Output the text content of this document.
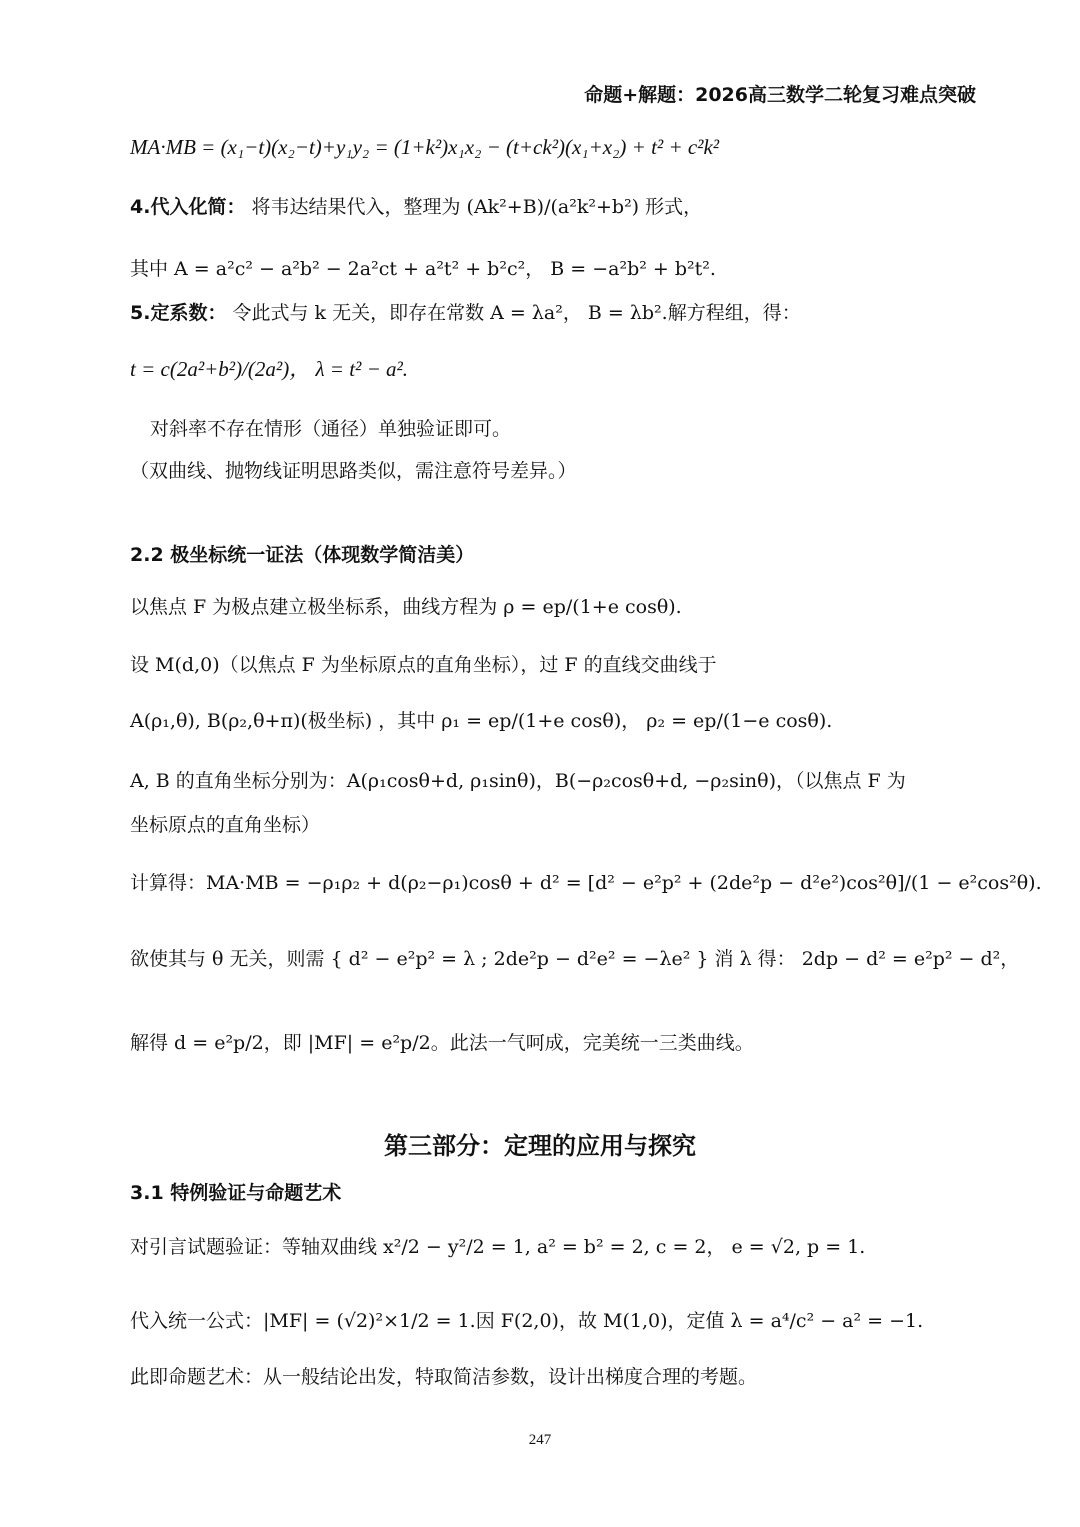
命题+解题：2026高三数学二轮复习难点突破
MA·MB = (x₁−t)(x₂−t)+y₁y₂ = (1+k²)x₁x₂ − (t+ck²)(x₁+x₂) + t² + c²k²
4.代入化简： 将韦达结果代入，整理为 (Ak²+B)/(a²k²+b²) 形式，
其中 A = a²c² − a²b² − 2a²ct + a²t² + b²c²， B = −a²b² + b²t².
5.定系数： 令此式与 k 无关，即存在常数 A = λa²， B = λb².解方程组，得：
t = c(2a²+b²)/(2a²)， λ = t² − a².
对斜率不存在情形（通径）单独验证即可。
（双曲线、抛物线证明思路类似，需注意符号差异。）
2.2 极坐标统一证法（体现数学简洁美）
以焦点 F 为极点建立极坐标系，曲线方程为 ρ = ep/(1+e cosθ).
设 M(d,0)（以焦点 F 为坐标原点的直角坐标），过 F 的直线交曲线于
A(ρ₁,θ), B(ρ₂,θ+π)(极坐标) ，其中 ρ₁ = ep/(1+e cosθ)， ρ₂ = ep/(1−e cosθ).
A, B 的直角坐标分别为：A(ρ₁cosθ+d, ρ₁sinθ)，B(−ρ₂cosθ+d, −ρ₂sinθ)，（以焦点 F 为
坐标原点的直角坐标）
计算得：MA·MB = −ρ₁ρ₂ + d(ρ₂−ρ₁)cosθ + d² = [d² − e²p² + (2de²p − d²e²)cos²θ]/(1 − e²cos²θ).
欲使其与 θ 无关，则需 { d² − e²p² = λ ; 2de²p − d²e² = −λe² } 消 λ 得： 2dp − d² = e²p² − d²，
解得 d = e²p/2，即 |MF| = e²p/2。此法一气呵成，完美统一三类曲线。
第三部分：定理的应用与探究
3.1 特例验证与命题艺术
对引言试题验证：等轴双曲线 x²/2 − y²/2 = 1, a² = b² = 2, c = 2， e = √2, p = 1.
代入统一公式：|MF| = (√2)²×1/2 = 1.因 F(2,0)，故 M(1,0)，定值 λ = a⁴/c² − a² = −1.
此即命题艺术：从一般结论出发，特取简洁参数，设计出梯度合理的考题。
247
